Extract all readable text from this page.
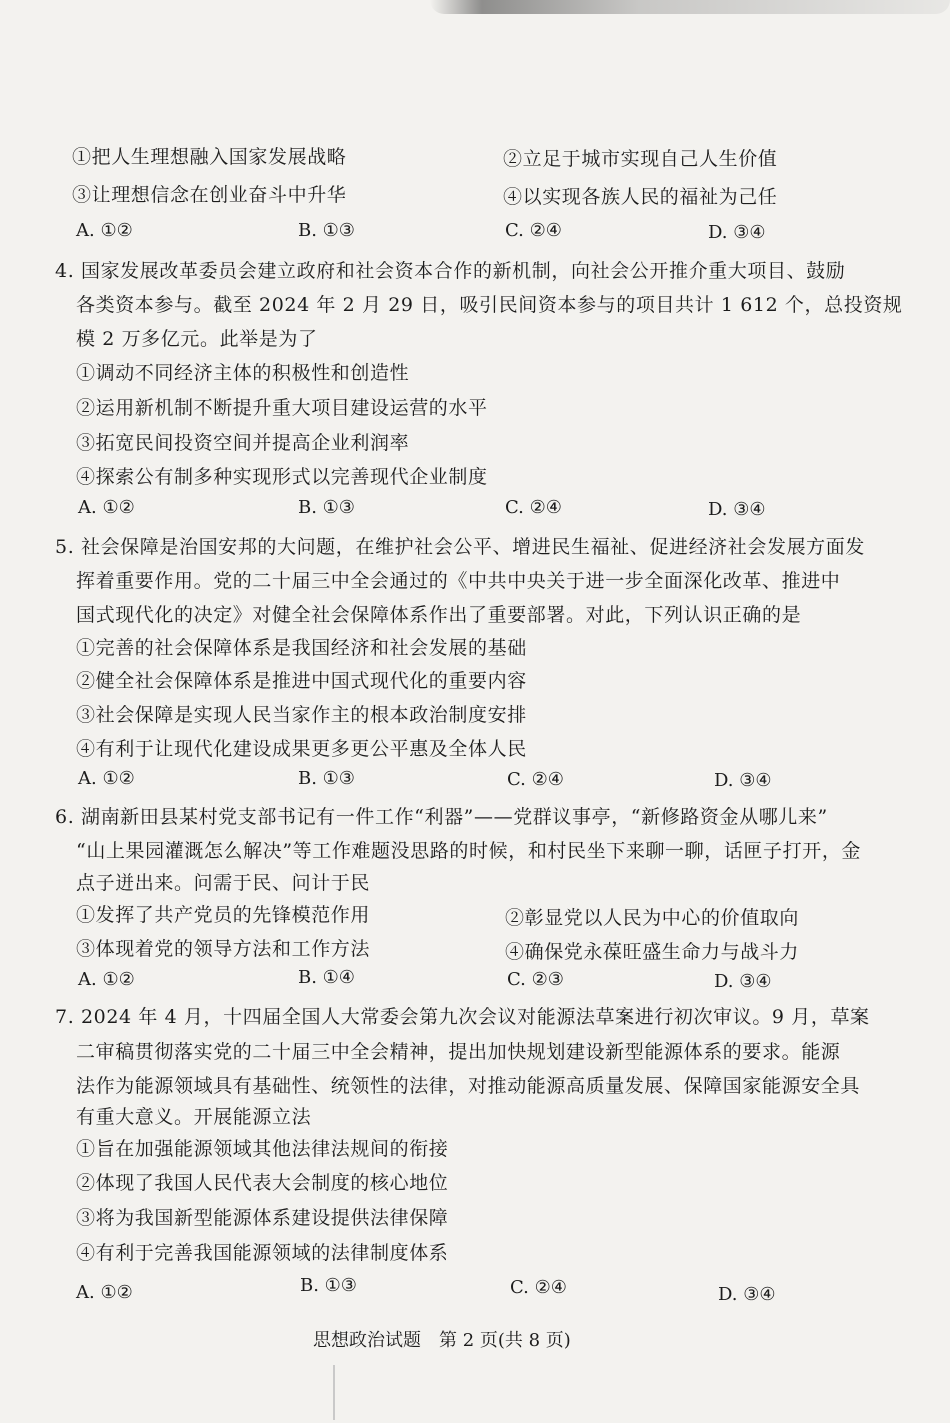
①把人生理想融入国家发展战略	②立足于城市实现自己人生价值
③让理想信念在创业奋斗中升华	④以实现各族人民的福祉为己任
A. ①②	B. ①③	C. ②④	D. ③④
4. 国家发展改革委员会建立政府和社会资本合作的新机制，向社会公开推介重大项目、鼓励
各类资本参与。截至 2024 年 2 月 29 日，吸引民间资本参与的项目共计 1 612 个，总投资规
模 2 万多亿元。此举是为了
①调动不同经济主体的积极性和创造性
②运用新机制不断提升重大项目建设运营的水平
③拓宽民间投资空间并提高企业利润率
④探索公有制多种实现形式以完善现代企业制度
A. ①②	B. ①③	C. ②④	D. ③④
5. 社会保障是治国安邦的大问题，在维护社会公平、增进民生福祉、促进经济社会发展方面发
挥着重要作用。党的二十届三中全会通过的《中共中央关于进一步全面深化改革、推进中
国式现代化的决定》对健全社会保障体系作出了重要部署。对此，下列认识正确的是
①完善的社会保障体系是我国经济和社会发展的基础
②健全社会保障体系是推进中国式现代化的重要内容
③社会保障是实现人民当家作主的根本政治制度安排
④有利于让现代化建设成果更多更公平惠及全体人民
A. ①②	B. ①③	C. ②④	D. ③④
6. 湖南新田县某村党支部书记有一件工作“利器”——党群议事亭，“新修路资金从哪儿来”
“山上果园灌溉怎么解决”等工作难题没思路的时候，和村民坐下来聊一聊，话匣子打开，金
点子迸出来。问需于民、问计于民
①发挥了共产党员的先锋模范作用	②彰显党以人民为中心的价值取向
③体现着党的领导方法和工作方法	④确保党永葆旺盛生命力与战斗力
A. ①②	B. ①④	C. ②③	D. ③④
7. 2024 年 4 月，十四届全国人大常委会第九次会议对能源法草案进行初次审议。9 月，草案
二审稿贯彻落实党的二十届三中全会精神，提出加快规划建设新型能源体系的要求。能源
法作为能源领域具有基础性、统领性的法律，对推动能源高质量发展、保障国家能源安全具
有重大意义。开展能源立法
①旨在加强能源领域其他法律法规间的衔接
②体现了我国人民代表大会制度的核心地位
③将为我国新型能源体系建设提供法律保障
④有利于完善我国能源领域的法律制度体系
A. ①②	B. ①③	C. ②④	D. ③④
思想政治试题　第 2 页(共 8 页)
